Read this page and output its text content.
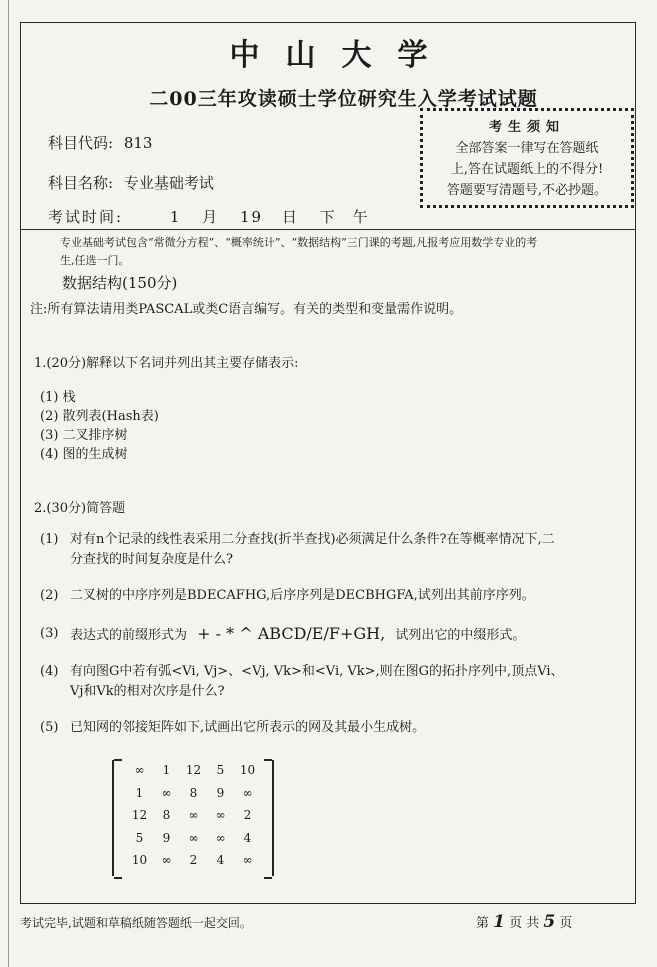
中山大学
二00三年攻读硕士学位研究生入学考试试题
科目代码: 813
科目名称: 专业基础考试
考试时间:	1 月 19 日 下午
考生须知
全部答案一律写在答题纸
上,答在试题纸上的不得分!
答题要写清题号,不必抄题。
专业基础考试包含“常微分方程”、“概率统计”、“数据结构”三门课的考题,凡报考应用数学专业的考
生,任选一门。
数据结构(150分)
注:所有算法请用类PASCAL或类C语言编写。有关的类型和变量需作说明。
1.(20分)解释以下名词并列出其主要存储表示:
(1) 栈
(2) 散列表(Hash表)
(3) 二叉排序树
(4) 图的生成树
2.(30分)简答题
(1) 对有n个记录的线性表采用二分查找(折半查找)必须满足什么条件?在等概率情况下,二
分查找的时间复杂度是什么?
(2) 二叉树的中序序列是BDECAFHG,后序序列是DECBHGFA,试列出其前序序列。
(3) 表达式的前缀形式为 + - * ^ ABCD/E/F+GH, 试列出它的中缀形式。
(4) 有向图G中若有弧<Vi, Vj>、<Vj, Vk>和<Vi, Vk>,则在图G的拓扑序列中,顶点Vi、
Vj和Vk的相对次序是什么?
(5) 已知网的邻接矩阵如下,试画出它所表示的网及其最小生成树。
∞	1	12	5	10
1	∞	8	9	∞
12	8	∞	∞	2
5	9	∞	∞	4
10	∞	2	4	∞
考试完毕,试题和草稿纸随答题纸一起交回。	第 1 页 共 5 页
